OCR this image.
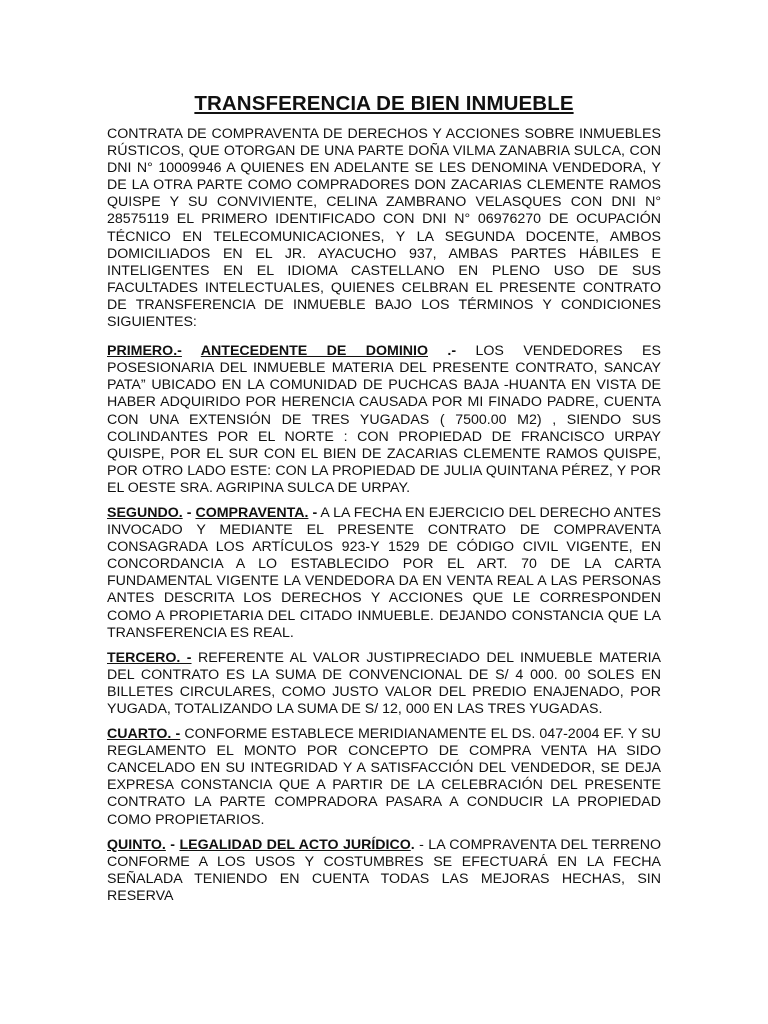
TRANSFERENCIA DE BIEN INMUEBLE

CONTRATA DE COMPRAVENTA DE DERECHOS Y ACCIONES SOBRE INMUEBLES RÚSTICOS, QUE OTORGAN DE UNA PARTE DOÑA VILMA ZANABRIA SULCA, CON DNI N° 10009946 A QUIENES EN ADELANTE SE LES DENOMINA VENDEDORA, Y DE LA OTRA PARTE COMO COMPRADORES DON ZACARIAS CLEMENTE RAMOS QUISPE Y SU CONVIVIENTE, CELINA ZAMBRANO VELASQUES CON DNI N° 28575119 EL PRIMERO IDENTIFICADO CON DNI N° 06976270 DE OCUPACIÓN TÉCNICO EN TELECOMUNICACIONES, Y LA SEGUNDA DOCENTE, AMBOS DOMICILIADOS EN EL JR. AYACUCHO 937, AMBAS PARTES HÁBILES E INTELIGENTES EN EL IDIOMA CASTELLANO EN PLENO USO DE SUS FACULTADES INTELECTUALES, QUIENES CELBRAN EL PRESENTE CONTRATO DE TRANSFERENCIA DE INMUEBLE BAJO LOS TÉRMINOS Y CONDICIONES SIGUIENTES:

PRIMERO.- ANTECEDENTE DE DOMINIO .- LOS VENDEDORES ES POSESIONARIA DEL INMUEBLE MATERIA DEL PRESENTE CONTRATO, SANCAY PATA” UBICADO EN LA COMUNIDAD DE PUCHCAS BAJA -HUANTA EN VISTA DE HABER ADQUIRIDO POR HERENCIA CAUSADA POR MI FINADO PADRE, CUENTA CON UNA EXTENSIÓN DE TRES YUGADAS ( 7500.00 M2) , SIENDO SUS COLINDANTES POR EL NORTE : CON PROPIEDAD DE FRANCISCO URPAY QUISPE, POR EL SUR CON EL BIEN DE ZACARIAS CLEMENTE RAMOS QUISPE, POR OTRO LADO ESTE: CON LA PROPIEDAD DE JULIA QUINTANA PÉREZ, Y POR EL OESTE SRA. AGRIPINA SULCA DE URPAY.

SEGUNDO. - COMPRAVENTA. - A LA FECHA EN EJERCICIO DEL DERECHO ANTES INVOCADO Y MEDIANTE EL PRESENTE CONTRATO DE COMPRAVENTA CONSAGRADA LOS ARTÍCULOS 923-Y 1529 DE CÓDIGO CIVIL VIGENTE, EN CONCORDANCIA A LO ESTABLECIDO POR EL ART. 70 DE LA CARTA FUNDAMENTAL VIGENTE LA VENDEDORA DA EN VENTA REAL A LAS PERSONAS ANTES DESCRITA LOS DERECHOS Y ACCIONES QUE LE CORRESPONDEN COMO A PROPIETARIA DEL CITADO INMUEBLE. DEJANDO CONSTANCIA QUE LA TRANSFERENCIA ES REAL.

TERCERO. - REFERENTE AL VALOR JUSTIPRECIADO DEL INMUEBLE MATERIA DEL CONTRATO ES LA SUMA DE CONVENCIONAL DE S/ 4 000. 00 SOLES EN BILLETES CIRCULARES, COMO JUSTO VALOR DEL PREDIO ENAJENADO, POR YUGADA, TOTALIZANDO LA SUMA DE S/ 12, 000 EN LAS TRES YUGADAS.

CUARTO. - CONFORME ESTABLECE MERIDIANAMENTE EL DS. 047-2004 EF. Y SU REGLAMENTO EL MONTO POR CONCEPTO DE COMPRA VENTA HA SIDO CANCELADO EN SU INTEGRIDAD Y A SATISFACCIÓN DEL VENDEDOR, SE DEJA EXPRESA CONSTANCIA QUE A PARTIR DE LA CELEBRACIÓN DEL PRESENTE CONTRATO LA PARTE COMPRADORA PASARA A CONDUCIR LA PROPIEDAD COMO PROPIETARIOS.

QUINTO. - LEGALIDAD DEL ACTO JURÍDICO. - LA COMPRAVENTA DEL TERRENO CONFORME A LOS USOS Y COSTUMBRES SE EFECTUARÁ EN LA FECHA SEÑALADA TENIENDO EN CUENTA TODAS LAS MEJORAS HECHAS, SIN RESERVA
